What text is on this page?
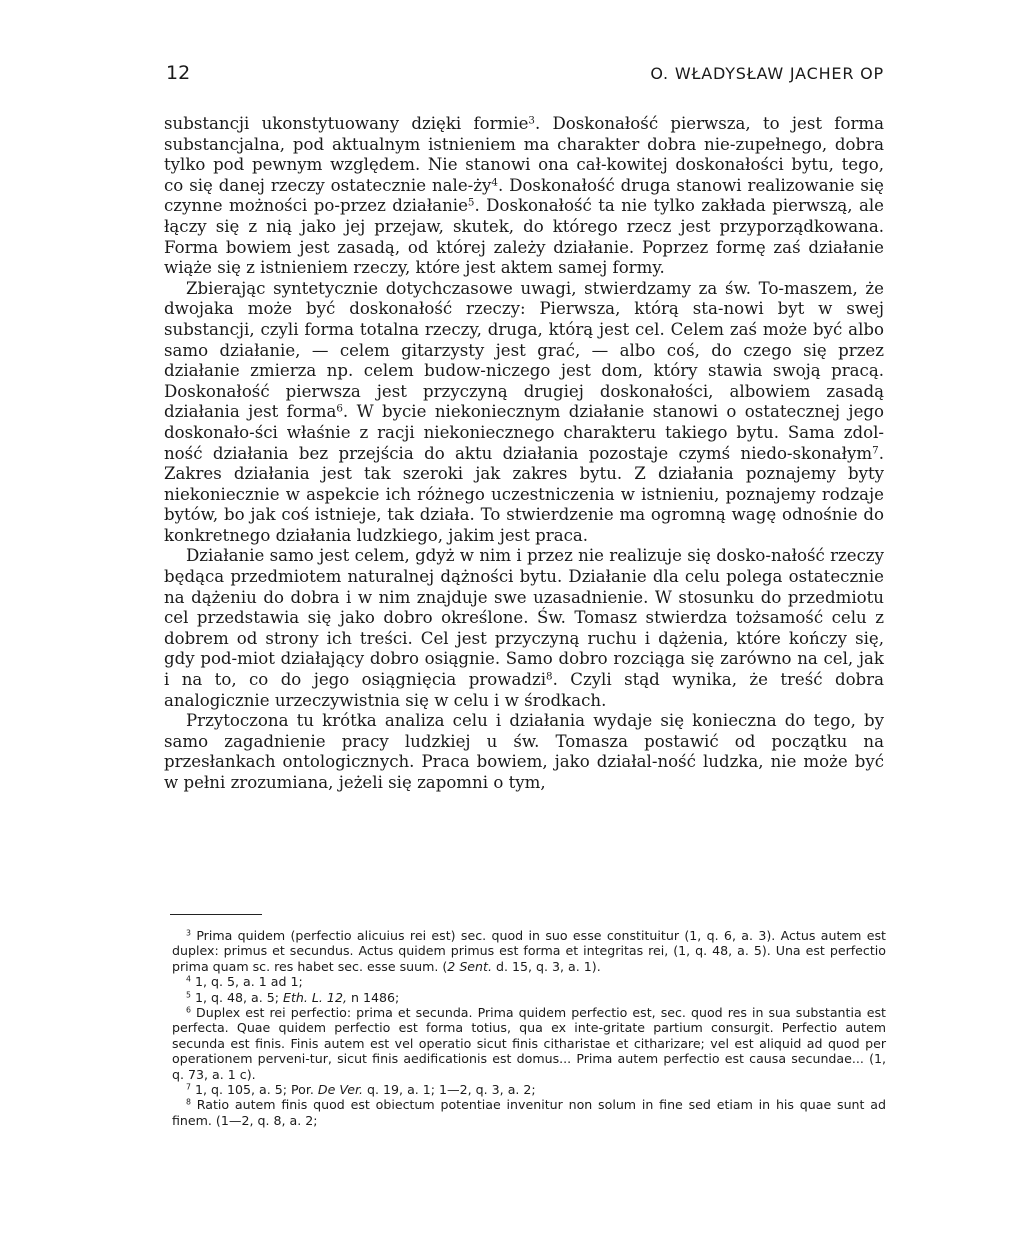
12	O. WŁADYSŁAW JACHER OP

substancji ukonstytuowany dzięki formie$^3$. Doskonałość pierwsza, to jest forma substancjalna, pod aktualnym istnieniem ma charakter dobra nie-zupełnego, dobra tylko pod pewnym względem. Nie stanowi ona cał-kowitej doskonałości bytu, tego, co się danej rzeczy ostatecznie nale-$ży^4$. Doskonałość druga stanowi realizowanie się czynne możności po-przez działanie$^5$. Doskonałość ta nie tylko zakłada pierwszą, ale łączy się z nią jako jej przejaw, skutek, do którego rzecz jest przyporządkowana. Forma bowiem jest zasadą, od której zależy działanie. Poprzez formę zaś działanie wiąże się z istnieniem rzeczy, które jest aktem samej formy.

Zbierając syntetycznie dotychczasowe uwagi, stwierdzamy za św. To-maszem, że dwojaka może być doskonałość rzeczy: Pierwsza, którą sta-nowi byt w swej substancji, czyli forma totalna rzeczy, druga, którą jest cel. Celem zaś może być albo samo działanie, — celem gitarzysty jest grać, — albo coś, do czego się przez działanie zmierza np. celem budow-niczego jest dom, który stawia swoją pracą. Doskonałość pierwsza jest przyczyną drugiej doskonałości, albowiem zasadą działania jest forma$^6$. W bycie niekoniecznym działanie stanowi o ostatecznej jego doskonało-ści właśnie z racji niekoniecznego charakteru takiego bytu. Sama zdol-ność działania bez przejścia do aktu działania pozostaje czymś niedo-skonałym$^7$. Zakres działania jest tak szeroki jak zakres bytu. Z działania poznajemy byty niekoniecznie w aspekcie ich różnego uczestniczenia w istnieniu, poznajemy rodzaje bytów, bo jak coś istnieje, tak działa. To stwierdzenie ma ogromną wagę odnośnie do konkretnego działania ludzkiego, jakim jest praca.

Działanie samo jest celem, gdyż w nim i przez nie realizuje się dosko-nałość rzeczy będąca przedmiotem naturalnej dążności bytu. Działanie dla celu polega ostatecznie na dążeniu do dobra i w nim znajduje swe uzasadnienie. W stosunku do przedmiotu cel przedstawia się jako dobro określone. Św. Tomasz stwierdza tożsamość celu z dobrem od strony ich treści. Cel jest przyczyną ruchu i dążenia, które kończy się, gdy pod-miot działający dobro osiągnie. Samo dobro rozciąga się zarówno na cel, jak i na to, co do jego osiągnięcia prowadzi$^8$. Czyli stąd wynika, że treść dobra analogicznie urzeczywistnia się w celu i w środkach.

Przytoczona tu krótka analiza celu i działania wydaje się konieczna do tego, by samo zagadnienie pracy ludzkiej u św. Tomasza postawić od początku na przesłankach ontologicznych. Praca bowiem, jako działal-ność ludzka, nie może być w pełni zrozumiana, jeżeli się zapomni o tym,

$^3$ Prima quidem (perfectio alicuius rei est) sec. quod in suo esse constituitur (1, q. 6, a. 3). Actus autem est duplex: primus et secundus. Actus quidem primus est forma et integritas rei, (1, q. 48, a. 5). Una est perfectio prima quam sc. res habet sec. esse suum. (2 Sent. d. 15, q. 3, a. 1).

$^4$ 1, q. 5, a. 1 ad 1;

$^5$ 1, q. 48, a. 5; Eth. L. 12, n 1486;

$^6$ Duplex est rei perfectio: prima et secunda. Prima quidem perfectio est, sec. quod res in sua substantia est perfecta. Quae quidem perfectio est forma totius, qua ex inte-gritate partium consurgit. Perfectio autem secunda est finis. Finis autem est vel operatio sicut finis citharistae et citharizare; vel est aliquid ad quod per operationem perveni-tur, sicut finis aedificationis est domus... Prima autem perfectio est causa secundae... (1, q. 73, a. 1 c).

$^7$ 1, q. 105, a. 5; Por. De Ver. q. 19, a. 1; 1—2, q. 3, a. 2;

$^8$ Ratio autem finis quod est obiectum potentiae invenitur non solum in fine sed etiam in his quae sunt ad finem. (1—2, q. 8, a. 2;
